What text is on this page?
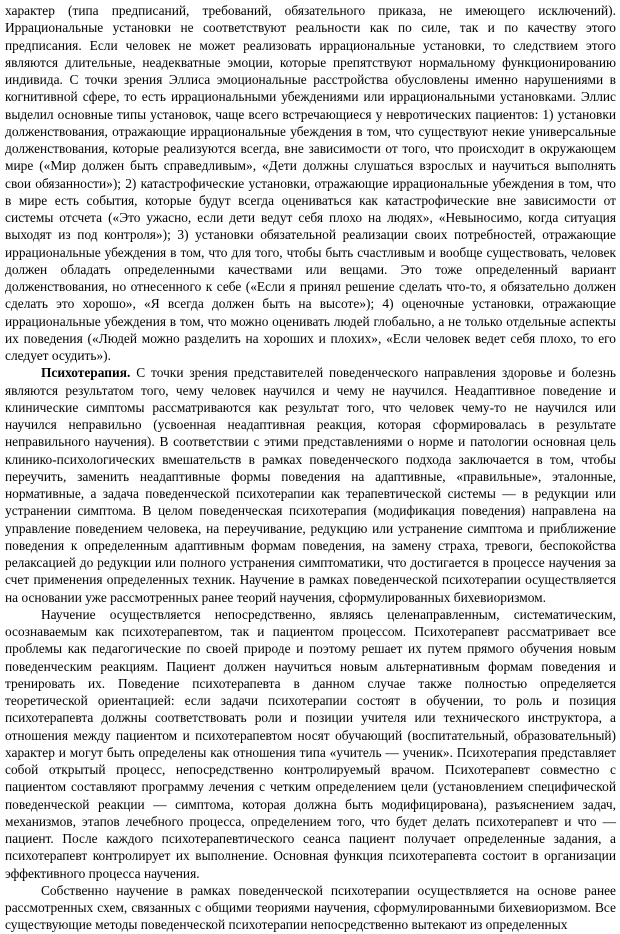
характер (типа предписаний, требований, обязательного приказа, не имеющего исключений). Иррациональные установки не соответствуют реальности как по силе, так и по качеству этого предписания. Если человек не может реализовать иррациональные установки, то следствием этого являются длительные, неадекватные эмоции, которые препятствуют нормальному функционированию индивида. С точки зрения Эллиса эмоциональные расстройства обусловлены именно нарушениями в когнитивной сфере, то есть иррациональными убеждениями или иррациональными установками. Эллис выделил основные типы установок, чаще всего встречающиеся у невротических пациентов: 1) установки долженствования, отражающие иррациональные убеждения в том, что существуют некие универсальные долженствования, которые реализуются всегда, вне зависимости от того, что происходит в окружающем мире («Мир должен быть справедливым», «Дети должны слушаться взрослых и научиться выполнять свои обязанности»); 2) катастрофические установки, отражающие иррациональные убеждения в том, что в мире есть события, которые будут всегда оцениваться как катастрофические вне зависимости от системы отсчета («Это ужасно, если дети ведут себя плохо на людях», «Невыносимо, когда ситуация выходят из под контроля»); 3) установки обязательной реализации своих потребностей, отражающие иррациональные убеждения в том, что для того, чтобы быть счастливым и вообще существовать, человек должен обладать определенными качествами или вещами. Это тоже определенный вариант долженствования, но отнесенного к себе («Если я принял решение сделать что-то, я обязательно должен сделать это хорошо», «Я всегда должен быть на высоте»); 4) оценочные установки, отражающие иррациональные убеждения в том, что можно оценивать людей глобально, а не только отдельные аспекты их поведения («Людей можно разделить на хороших и плохих», «Если человек ведет себя плохо, то его следует осудить»).

Психотерапия. С точки зрения представителей поведенческого направления здоровье и болезнь являются результатом того, чему человек научился и чему не научился. Неадаптивное поведение и клинические симптомы рассматриваются как результат того, что человек чему-то не научился или научился неправильно (усвоенная неадаптивная реакция, которая сформировалась в результате неправильного научения). В соответствии с этими представлениями о норме и патологии основная цель клинико-психологических вмешательств в рамках поведенческого подхода заключается в том, чтобы переучить, заменить неадаптивные формы поведения на адаптивные, «правильные», эталонные, нормативные, а задача поведенческой психотерапии как терапевтической системы — в редукции или устранении симптома. В целом поведенческая психотерапия (модификация поведения) направлена на управление поведением человека, на переучивание, редукцию или устранение симптома и приближение поведения к определенным адаптивным формам поведения, на замену страха, тревоги, беспокойства релаксацией до редукции или полного устранения симптоматики, что достигается в процессе научения за счет применения определенных техник. Научение в рамках поведенческой психотерапии осуществляется на основании уже рассмотренных ранее теорий научения, сформулированных бихевиоризмом.

Научение осуществляется непосредственно, являясь целенаправленным, систематическим, осознаваемым как психотерапевтом, так и пациентом процессом. Психотерапевт рассматривает все проблемы как педагогические по своей природе и поэтому решает их путем прямого обучения новым поведенческим реакциям. Пациент должен научиться новым альтернативным формам поведения и тренировать их. Поведение психотерапевта в данном случае также полностью определяется теоретической ориентацией: если задачи психотерапии состоят в обучении, то роль и позиция психотерапевта должны соответствовать роли и позиции учителя или технического инструктора, а отношения между пациентом и психотерапевтом носят обучающий (воспитательный, образовательный) характер и могут быть определены как отношения типа «учитель — ученик». Психотерапия представляет собой открытый процесс, непосредственно контролируемый врачом. Психотерапевт совместно с пациентом составляют программу лечения с четким определением цели (установлением специфической поведенческой реакции — симптома, которая должна быть модифицирована), разъяснением задач, механизмов, этапов лечебного процесса, определением того, что будет делать психотерапевт и что — пациент. После каждого психотерапевтического сеанса пациент получает определенные задания, а психотерапевт контролирует их выполнение. Основная функция психотерапевта состоит в организации эффективного процесса научения.

Собственно научение в рамках поведенческой психотерапии осуществляется на основе ранее рассмотренных схем, связанных с общими теориями научения, сформулированными бихевиоризмом. Все существующие методы поведенческой психотерапии непосредственно вытекают из определенных
